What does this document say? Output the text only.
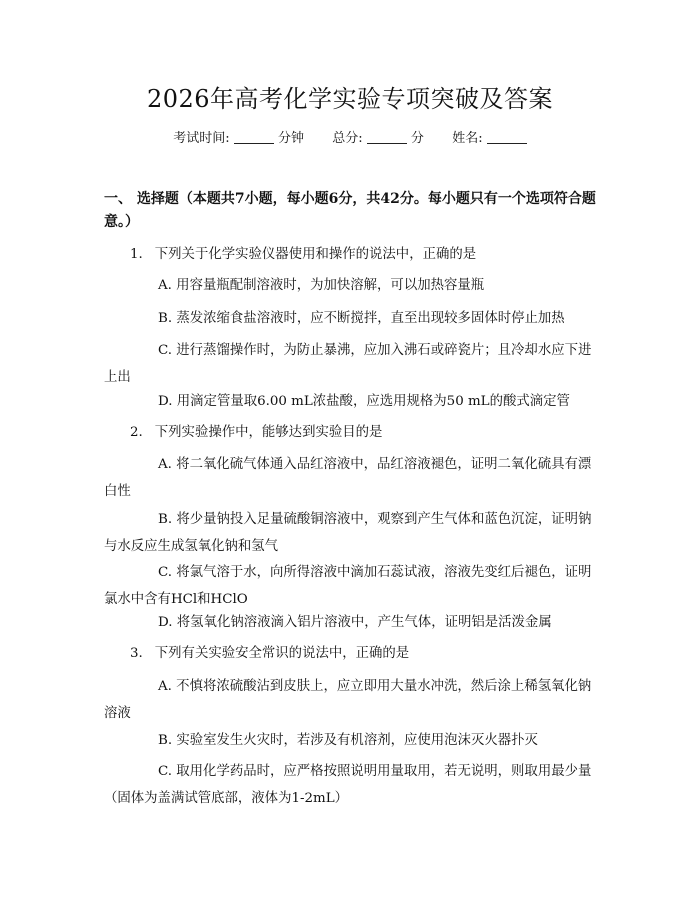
2026年高考化学实验专项突破及答案
考试时间:	分钟 总分:	分 姓名:
一、 选择题（本题共7小题，每小题6分，共42分。每小题只有一个选项符合题意。）
1. 下列关于化学实验仪器使用和操作的说法中，正确的是
A. 用容量瓶配制溶液时，为加快溶解，可以加热容量瓶
B. 蒸发浓缩食盐溶液时，应不断搅拌，直至出现较多固体时停止加热
C. 进行蒸馏操作时，为防止暴沸，应加入沸石或碎瓷片；且冷却水应下进上出
D. 用滴定管量取6.00 mL浓盐酸，应选用规格为50 mL的酸式滴定管
2. 下列实验操作中，能够达到实验目的是
A. 将二氧化硫气体通入品红溶液中，品红溶液褪色，证明二氧化硫具有漂白性
B. 将少量钠投入足量硫酸铜溶液中，观察到产生气体和蓝色沉淀，证明钠与水反应生成氢氧化钠和氢气
C. 将氯气溶于水，向所得溶液中滴加石蕊试液，溶液先变红后褪色，证明氯水中含有HCl和HClO
D. 将氢氧化钠溶液滴入铝片溶液中，产生气体，证明铝是活泼金属
3. 下列有关实验安全常识的说法中，正确的是
A. 不慎将浓硫酸沾到皮肤上，应立即用大量水冲洗，然后涂上稀氢氧化钠溶液
B. 实验室发生火灾时，若涉及有机溶剂，应使用泡沫灭火器扑灭
C. 取用化学药品时，应严格按照说明用量取用，若无说明，则取用最少量（固体为盖满试管底部，液体为1-2mL）
